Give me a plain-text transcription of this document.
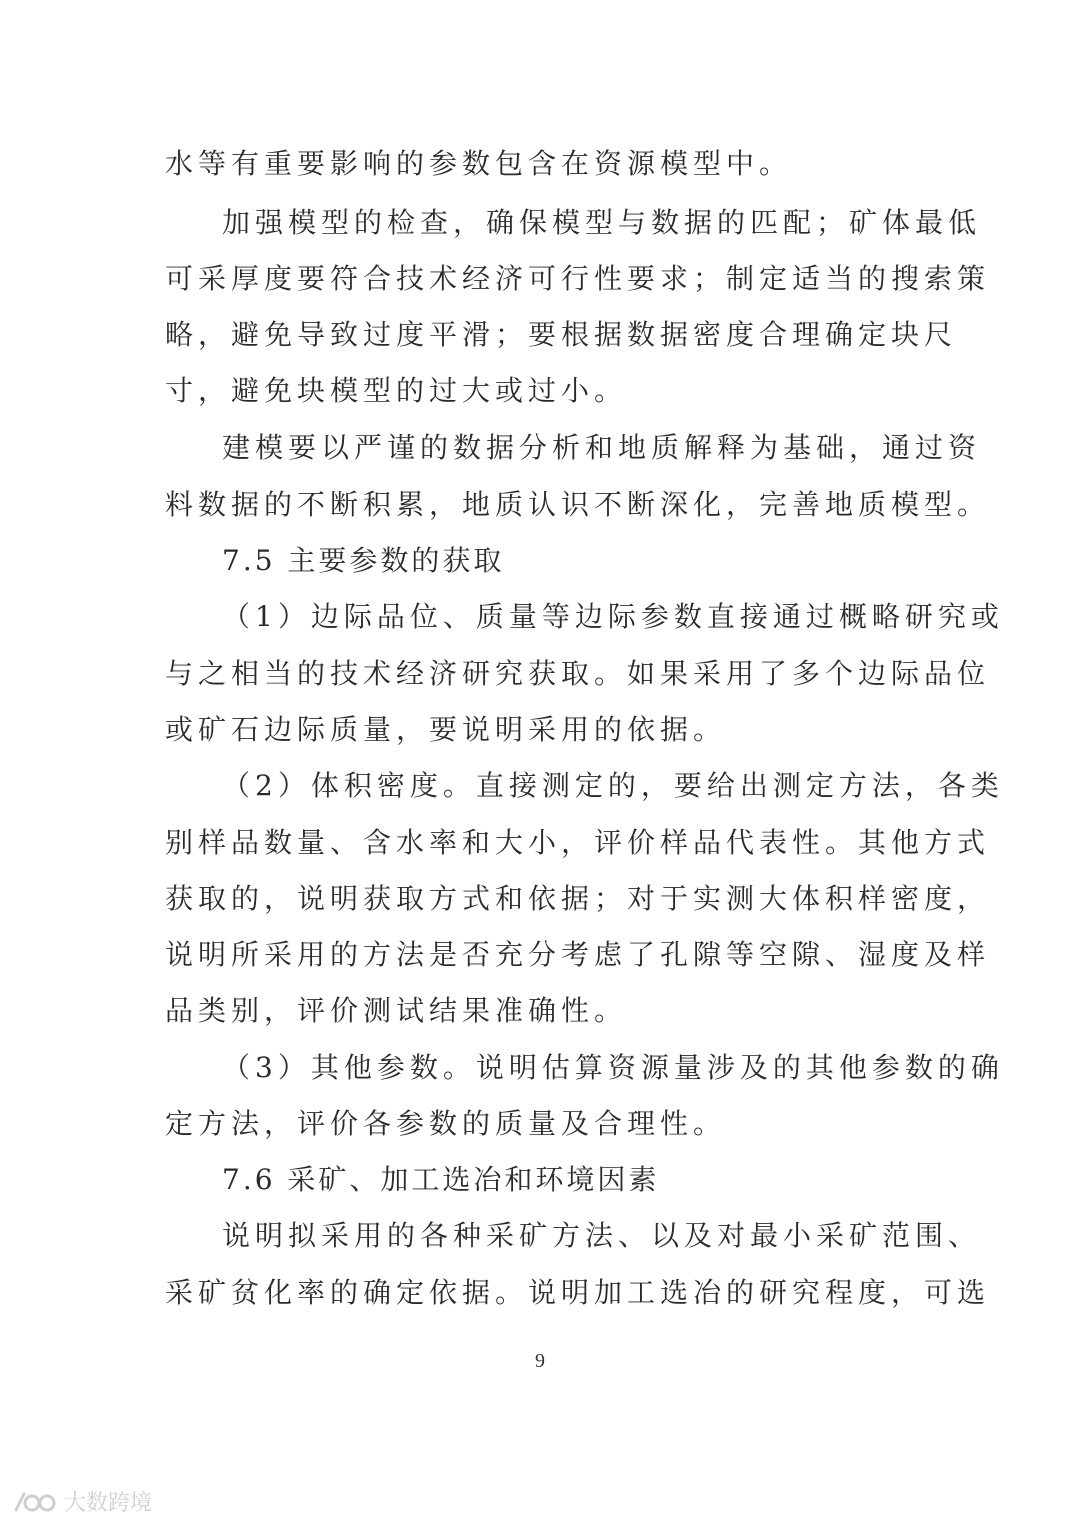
水等有重要影响的参数包含在资源模型中。
加强模型的检查，确保模型与数据的匹配；矿体最低
可采厚度要符合技术经济可行性要求；制定适当的搜索策
略，避免导致过度平滑；要根据数据密度合理确定块尺
寸，避免块模型的过大或过小。
建模要以严谨的数据分析和地质解释为基础，通过资
料数据的不断积累，地质认识不断深化，完善地质模型。
7.5 主要参数的获取
（1）边际品位、质量等边际参数直接通过概略研究或
与之相当的技术经济研究获取。如果采用了多个边际品位
或矿石边际质量，要说明采用的依据。
（2）体积密度。直接测定的，要给出测定方法，各类
别样品数量、含水率和大小，评价样品代表性。其他方式
获取的，说明获取方式和依据；对于实测大体积样密度，
说明所采用的方法是否充分考虑了孔隙等空隙、湿度及样
品类别，评价测试结果准确性。
（3）其他参数。说明估算资源量涉及的其他参数的确
定方法，评价各参数的质量及合理性。
7.6 采矿、加工选冶和环境因素
说明拟采用的各种采矿方法、以及对最小采矿范围、
采矿贫化率的确定依据。说明加工选冶的研究程度，可选
9
大数跨境
